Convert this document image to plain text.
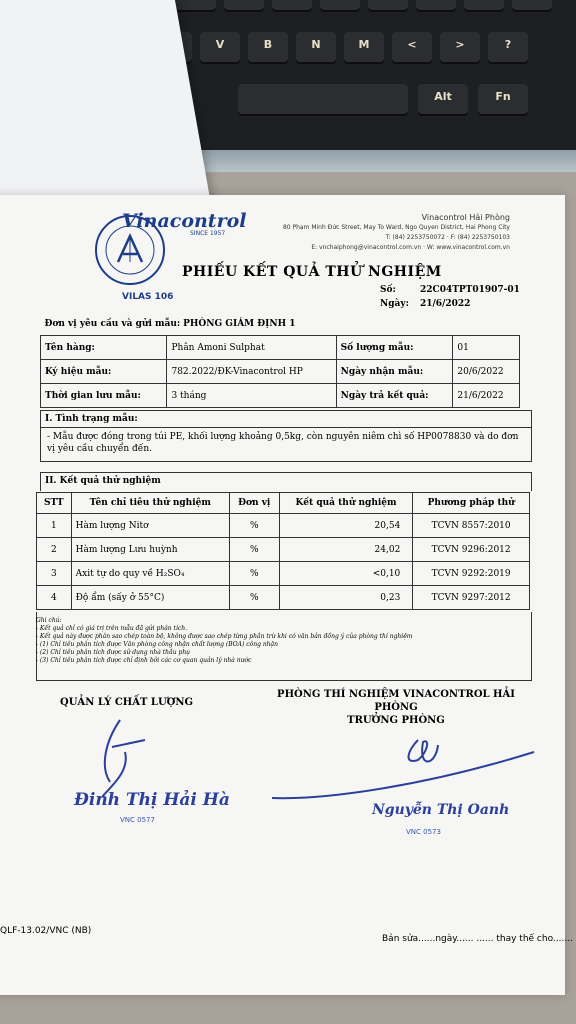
V	B	N	M	<	>	?
Alt	Fn
Vinacontrol
SINCE 1957
VILAS 106
Vinacontrol Hải Phòng
80 Phạm Minh Đức Street, May To Ward, Ngo Quyen District, Hai Phong City
T: (84) 2253750072 · F: (84) 2253750103
E: vnchaiphong@vinacontrol.com.vn · W: www.vinacontrol.com.vn
PHIẾU KẾT QUẢ THỬ NGHIỆM
Số:	22C04TPT01907-01
Ngày: 21/6/2022
Đơn vị yêu cầu và gửi mẫu: PHÒNG GIÁM ĐỊNH 1			
Tên hàng:	Phân Amoni Sulphat	Số lượng mẫu:	01
Ký hiệu mẫu:	782.2022/ĐK-Vinacontrol HP	Ngày nhận mẫu:	20/6/2022
Thời gian lưu mẫu:	3 tháng	Ngày trả kết quả:	21/6/2022
I. Tình trạng mẫu:
- Mẫu được đóng trong túi PE, khối lượng khoảng 0,5kg, còn nguyên niêm chì số HP0078830 và do đơn vị yêu cầu chuyển đến.
II. Kết quả thử nghiệm
STT	Tên chỉ tiêu thử nghiệm	Đơn vị	Kết quả thử nghiệm	Phương pháp thử
1	Hàm lượng Nitơ	%	20,54	TCVN 8557:2010
2	Hàm lượng Lưu huỳnh	%	24,02	TCVN 9296:2012
3	Axit tự do quy về H₂SO₄	%	<0,10	TCVN 9292:2019
4	Độ ẩm (sấy ở 55°C)	%	0,23	TCVN 9297:2012
Ghi chú:
- Kết quả chỉ có giá trị trên mẫu đã gửi phân tích.
- Kết quả này được phân sao chép toàn bộ, không được sao chép từng phần trừ khi có văn bản đồng ý của phòng thí nghiệm
- (1) Chỉ tiêu phân tích được Văn phòng công nhận chất lượng (BOA) công nhận
- (2) Chỉ tiêu phân tích được sử dụng nhà thầu phụ
- (3) Chỉ tiêu phân tích được chỉ định bởi các cơ quan quản lý nhà nước
QUẢN LÝ CHẤT LƯỢNG
PHÒNG THÍ NGHIỆM VINACONTROL HẢI PHÒNG
TRƯỞNG PHÒNG
Đinh Thị Hải Hà
VNC 0577
Nguyễn Thị Oanh
VNC 0573
QLF-13.02/VNC (NB)
Bản sửa......ngày...... ...... thay thế cho.......
